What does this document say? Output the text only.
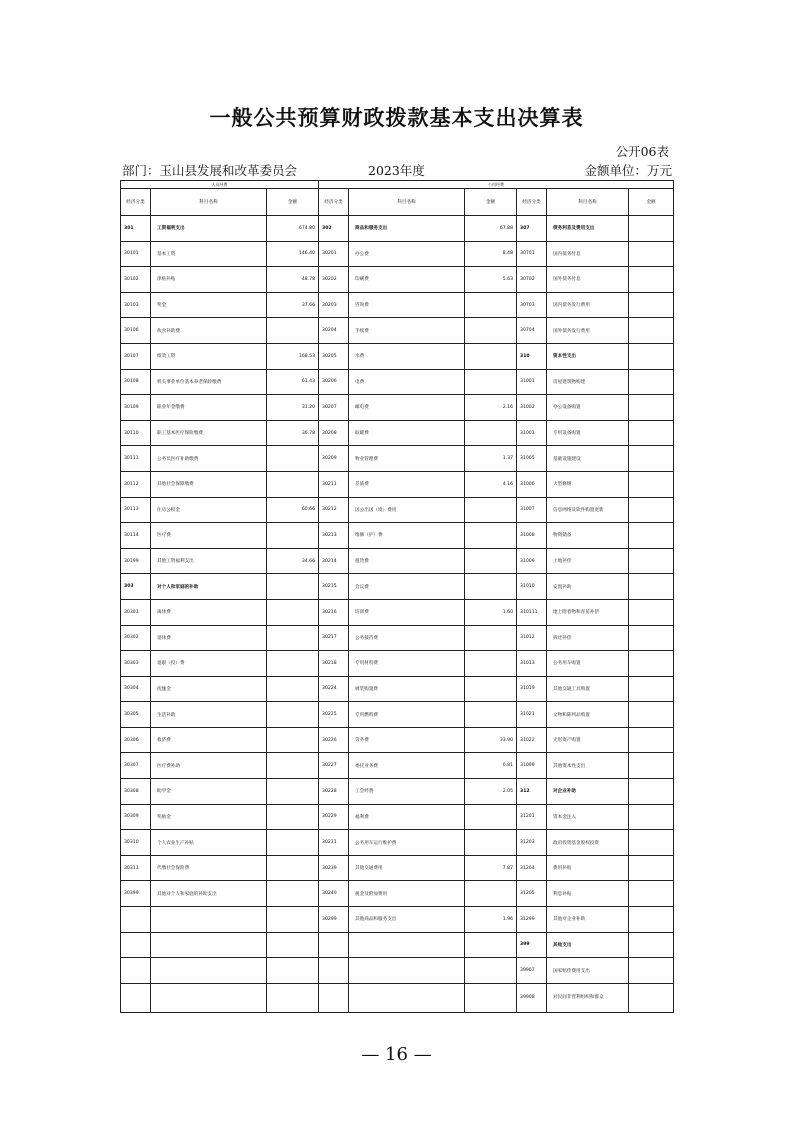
一般公共预算财政拨款基本支出决算表
公开06表
部门：玉山县发展和改革委员会	2023年度	金额单位：万元
人员经费			公用经费					
经济分类	科目名称	金额	经济分类	科目名称	金额	经济分类	科目名称	金额
301	工资福利支出	674.80	302	商品和服务支出	67.88	307	债务利息及费用支出	
30101	基本工资	146.40	30201	办公费	8.48	30701	国内债务付息	
30102	津贴补贴	48.78	30202	印刷费	5.63	30702	国外债务付息	
30103	奖金	37.66	30203	咨询费		30703	国内债务发行费用	
30106	伙食补助费		30204	手续费		30704	国外债务发行费用	
30107	绩效工资	168.53	30205	水费		310	资本性支出	
30108	机关事业单位基本养老保险缴费	61.43	30206	电费		31001	房屋建筑物购建	
30109	职业年金缴费	31.20	30207	邮电费	2.16	31002	办公设备购置	
30110	职工基本医疗保险缴费	36.78	30208	取暖费		31003	专用设备购置	
30111	公务员医疗补助缴费		30209	物业管理费	1.37	31005	基础设施建设	
30112	其他社会保障缴费		30211	差旅费	4.16	31006	大型修缮	
30113	住房公积金	60.66	30212	因公出国（境）费用		31007	信息网络及软件购置更新	
30114	医疗费		30213	维修（护）费		31008	物资储备	
30199	其他工资福利支出	34.66	30214	租赁费		31009	土地补偿	
303	对个人和家庭的补助		30215	会议费		31010	安置补助	
30301	离休费		30216	培训费	1.60	310111	地上附着物和青苗补偿	
30302	退休费		30217	公务接待费		31012	拆迁补偿	
30303	退职（役）费		30218	专用材料费		31013	公务用车购置	
30304	抚恤金		30224	被装购置费		31019	其他交通工具购置	
30305	生活补助		30225	专用燃料费		31021	文物和陈列品购置	
30306	救济费		30226	劳务费	33.90	31022	无形资产购置	
30307	医疗费补助		30227	委托业务费	0.81	31099	其他资本性支出	
30308	助学金		30228	工会经费	2.05	312	对企业补助	
30309	奖励金		30229	福利费		31201	资本金注入	
30310	个人农业生产补贴		30231	公务用车运行维护费		31203	政府投资基金股权投资	
30311	代缴社会保险费		30239	其他交通费用	7.87	31204	费用补贴	
30399	其他对个人和家庭的补助支出		30240	税金及附加费用		31205	利息补贴	
			30299	其他商品和服务支出	1.96	31299	其他对企业补助	
						399	其他支出	
						39907	国家赔偿费用支出	
						39908	对民间非营利组织和群众	
— 16 —
